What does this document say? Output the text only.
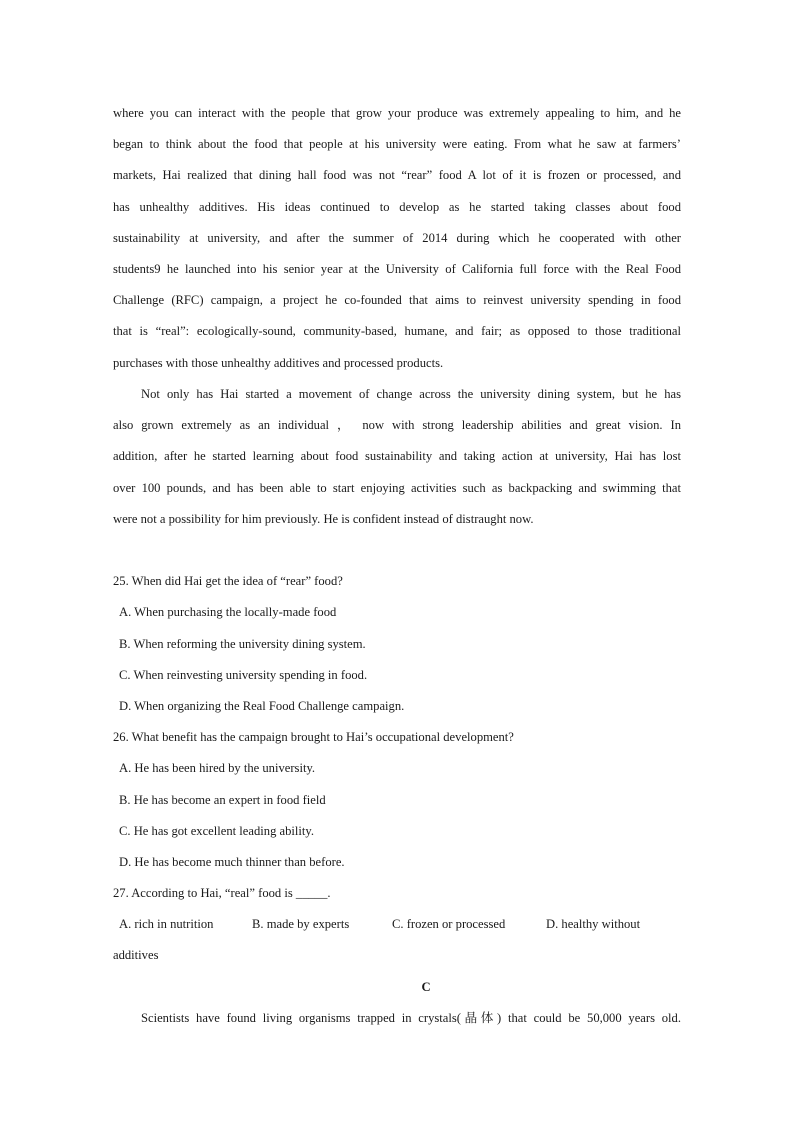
where you can interact with the people that grow your produce was extremely appealing to him, and he
began to think about the food that people at his university were eating. From what he saw at farmers’
markets, Hai realized that dining hall food was not “rear” food A lot of it is frozen or processed, and
has unhealthy additives. His ideas continued to develop as he started taking classes about food
sustainability at university, and after the summer of 2014 during which he cooperated with other
students9 he launched into his senior year at the University of California full force with the Real Food
Challenge (RFC) campaign, a project he co-founded that aims to reinvest university spending in food
that is “real”: ecologically-sound, community-based, humane, and fair; as opposed to those traditional
purchases with those unhealthy additives and processed products.
Not only has Hai started a movement of change across the university dining system, but he has
also grown extremely as an individual ， now with strong leadership abilities and great vision. In
addition, after he started learning about food sustainability and taking action at university, Hai has lost
over 100 pounds, and has been able to start enjoying activities such as backpacking and swimming that
were not a possibility for him previously. He is confident instead of distraught now.
25. When did Hai get the idea of “rear” food?
A. When purchasing the locally-made food
B. When reforming the university dining system.
C. When reinvesting university spending in food.
D. When organizing the Real Food Challenge campaign.
26. What benefit has the campaign brought to Hai’s occupational development?
A. He has been hired by the university.
B. He has become an expert in food field
C. He has got excellent leading ability.
D. He has become much thinner than before.
27. According to Hai, “real” food is _____.
A. rich in nutrition	B. made by experts	C. frozen or processed	D. healthy without
additives
C
Scientists have found living organisms trapped in crystals(晶体) that could be 50,000 years old.
